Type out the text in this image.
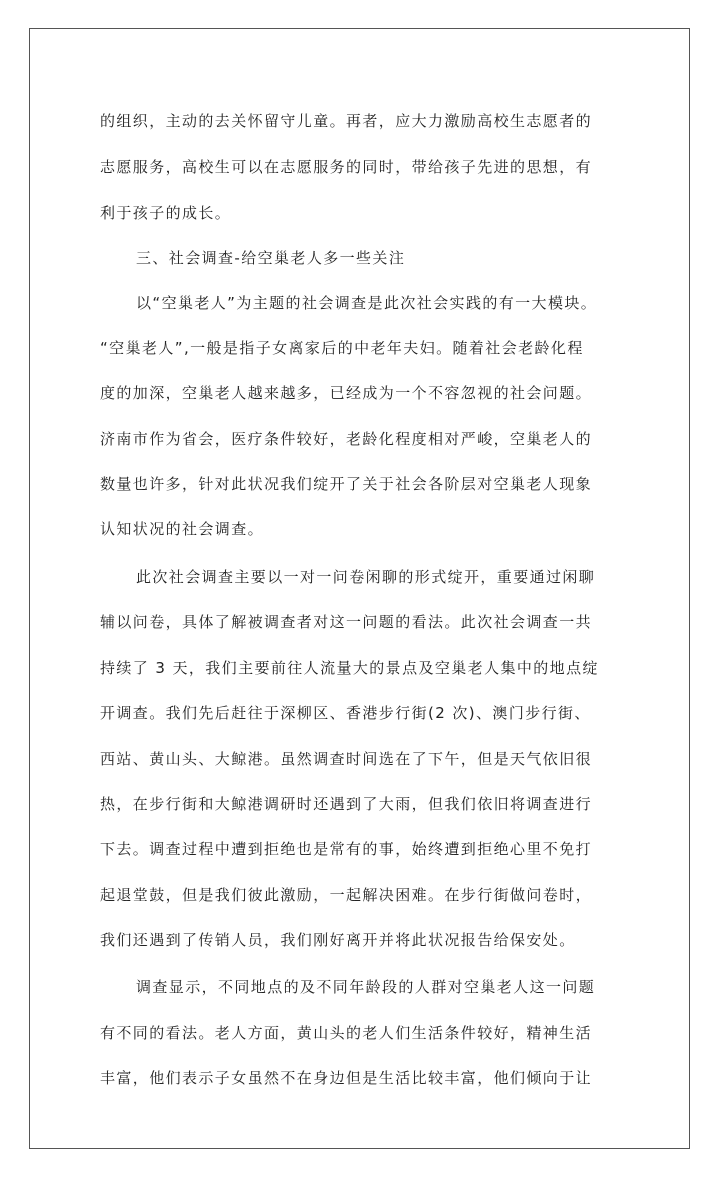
的组织，主动的去关怀留守儿童。再者，应大力激励高校生志愿者的
志愿服务，高校生可以在志愿服务的同时，带给孩子先进的思想，有
利于孩子的成长。
三、社会调查-给空巢老人多一些关注
以“空巢老人”为主题的社会调查是此次社会实践的有一大模块。
“空巢老人”,一般是指子女离家后的中老年夫妇。随着社会老龄化程
度的加深，空巢老人越来越多，已经成为一个不容忽视的社会问题。
济南市作为省会，医疗条件较好，老龄化程度相对严峻，空巢老人的
数量也许多，针对此状况我们绽开了关于社会各阶层对空巢老人现象
认知状况的社会调查。
此次社会调查主要以一对一问卷闲聊的形式绽开，重要通过闲聊
辅以问卷，具体了解被调查者对这一问题的看法。此次社会调查一共
持续了 3 天，我们主要前往人流量大的景点及空巢老人集中的地点绽
开调查。我们先后赶往于深柳区、香港步行街(2 次)、澳门步行街、
西站、黄山头、大鲸港。虽然调查时间选在了下午，但是天气依旧很
热，在步行街和大鲸港调研时还遇到了大雨，但我们依旧将调查进行
下去。调查过程中遭到拒绝也是常有的事，始终遭到拒绝心里不免打
起退堂鼓，但是我们彼此激励，一起解决困难。在步行街做问卷时，
我们还遇到了传销人员，我们刚好离开并将此状况报告给保安处。
调查显示，不同地点的及不同年龄段的人群对空巢老人这一问题
有不同的看法。老人方面，黄山头的老人们生活条件较好，精神生活
丰富，他们表示子女虽然不在身边但是生活比较丰富，他们倾向于让
